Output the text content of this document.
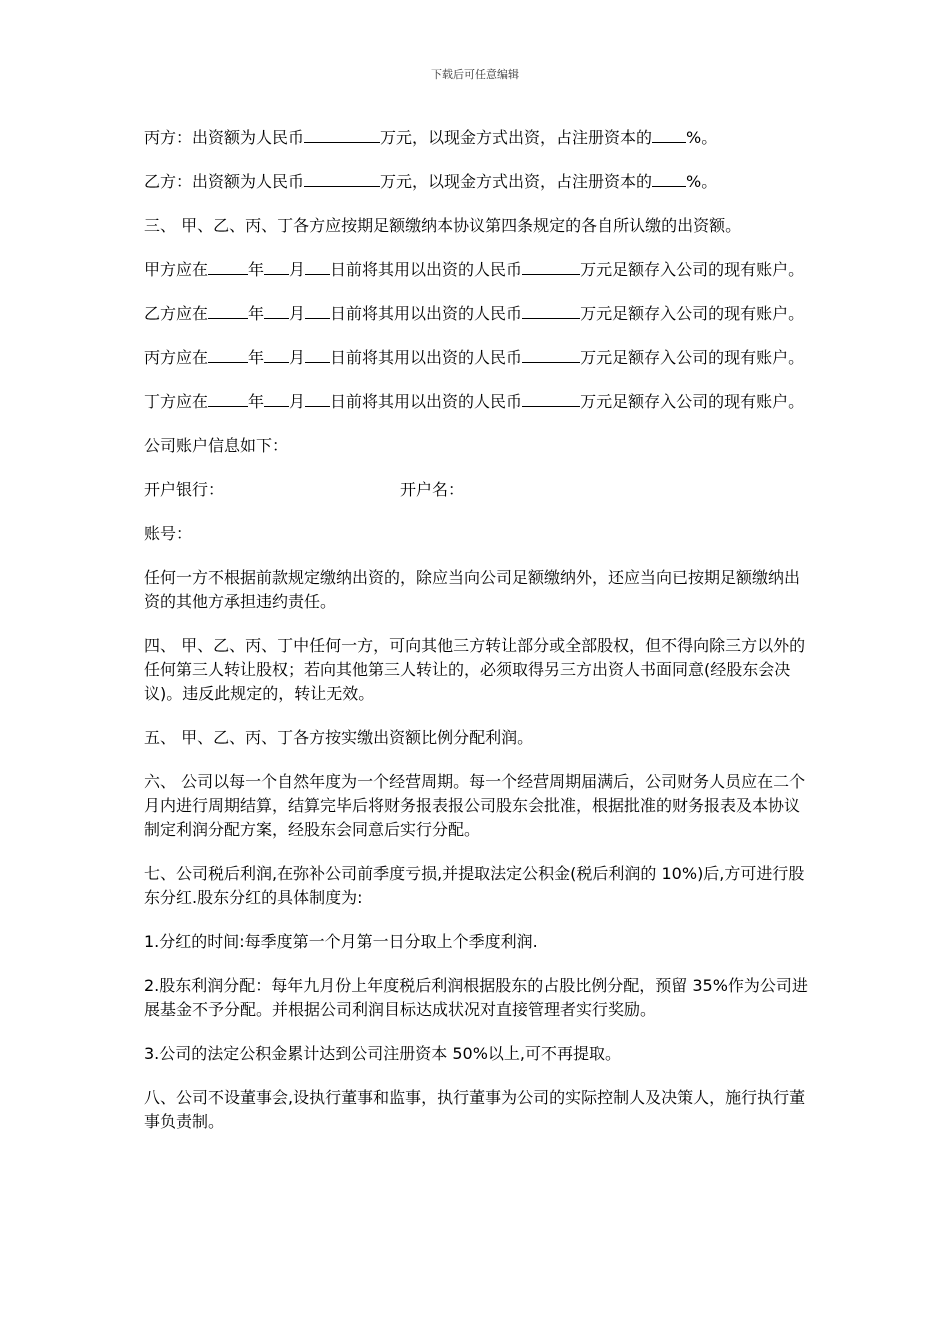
下载后可任意编辑

丙方：出资额为人民币	万元，以现金方式出资，占注册资本的 %。

乙方：出资额为人民币	万元，以现金方式出资，占注册资本的 %。

三、 甲、乙、丙、丁各方应按期足额缴纳本协议第四条规定的各自所认缴的出资额。

甲方应在	年 月 日前将其用以出资的人民币	万元足额存入公司的现有账户。

乙方应在	年 月 日前将其用以出资的人民币	万元足额存入公司的现有账户。

丙方应在	年 月 日前将其用以出资的人民币	万元足额存入公司的现有账户。

丁方应在	年 月 日前将其用以出资的人民币	万元足额存入公司的现有账户。

公司账户信息如下：

开户银行：	开户名：

账号：

任何一方不根据前款规定缴纳出资的，除应当向公司足额缴纳外，还应当向已按期足额缴纳出资的其他方承担违约责任。

四、 甲、乙、丙、丁中任何一方，可向其他三方转让部分或全部股权，但不得向除三方以外的任何第三人转让股权；若向其他第三人转让的，必须取得另三方出资人书面同意(经股东会决议)。违反此规定的，转让无效。

五、 甲、乙、丙、丁各方按实缴出资额比例分配利润。

六、 公司以每一个自然年度为一个经营周期。每一个经营周期届满后，公司财务人员应在二个月内进行周期结算，结算完毕后将财务报表报公司股东会批准，根据批准的财务报表及本协议制定利润分配方案，经股东会同意后实行分配。

七、公司税后利润,在弥补公司前季度亏损,并提取法定公积金(税后利润的 10%)后,方可进行股东分红.股东分红的具体制度为:

1.分红的时间:每季度第一个月第一日分取上个季度利润.

2.股东利润分配：每年九月份上年度税后利润根据股东的占股比例分配，预留 35%作为公司进展基金不予分配。并根据公司利润目标达成状况对直接管理者实行奖励。

3.公司的法定公积金累计达到公司注册资本 50%以上,可不再提取。

八、公司不设董事会,设执行董事和监事，执行董事为公司的实际控制人及决策人，施行执行董事负责制。
